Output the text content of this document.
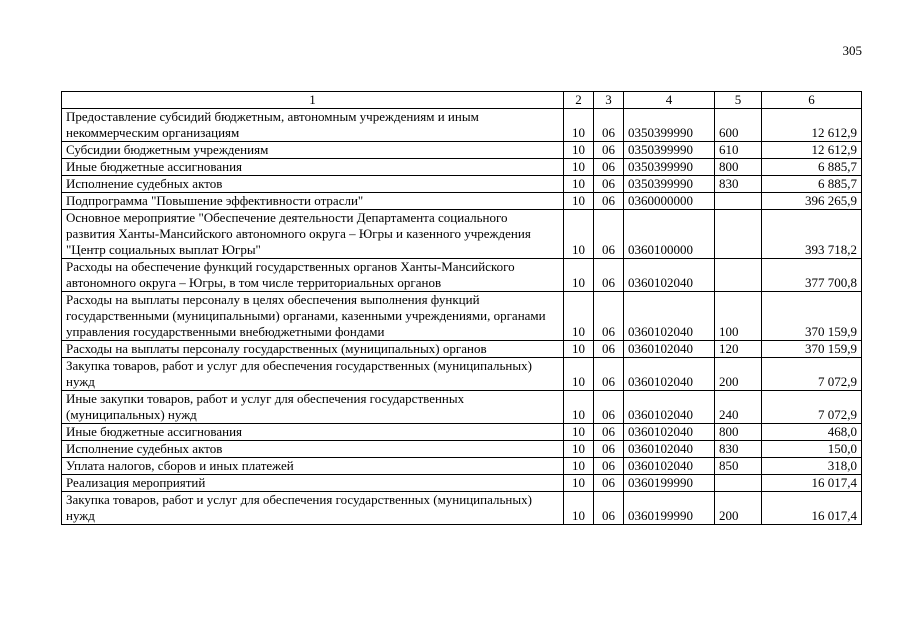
305
1	2	3	4	5	6
Предоставление субсидий бюджетным, автономным учреждениям и иным некоммерческим организациям	10	06	0350399990	600	12 612,9
Субсидии бюджетным учреждениям	10	06	0350399990	610	12 612,9
Иные бюджетные ассигнования	10	06	0350399990	800	6 885,7
Исполнение судебных актов	10	06	0350399990	830	6 885,7
Подпрограмма "Повышение эффективности отрасли"	10	06	0360000000		396 265,9
Основное мероприятие "Обеспечение деятельности Департамента социального развития Ханты-Мансийского автономного округа – Югры и казенного учреждения "Центр социальных выплат Югры"	10	06	0360100000		393 718,2
Расходы на обеспечение функций государственных органов Ханты-Мансийского автономного округа – Югры, в том числе территориальных органов	10	06	0360102040		377 700,8
Расходы на выплаты персоналу в целях обеспечения выполнения функций государственными (муниципальными) органами, казенными учреждениями, органами управления государственными внебюджетными фондами	10	06	0360102040	100	370 159,9
Расходы на выплаты персоналу государственных (муниципальных) органов	10	06	0360102040	120	370 159,9
Закупка товаров, работ и услуг для обеспечения государственных (муниципальных) нужд	10	06	0360102040	200	7 072,9
Иные закупки товаров, работ и услуг для обеспечения государственных (муниципальных) нужд	10	06	0360102040	240	7 072,9
Иные бюджетные ассигнования	10	06	0360102040	800	468,0
Исполнение судебных актов	10	06	0360102040	830	150,0
Уплата налогов, сборов и иных платежей	10	06	0360102040	850	318,0
Реализация мероприятий	10	06	0360199990		16 017,4
Закупка товаров, работ и услуг для обеспечения государственных (муниципальных) нужд	10	06	0360199990	200	16 017,4
